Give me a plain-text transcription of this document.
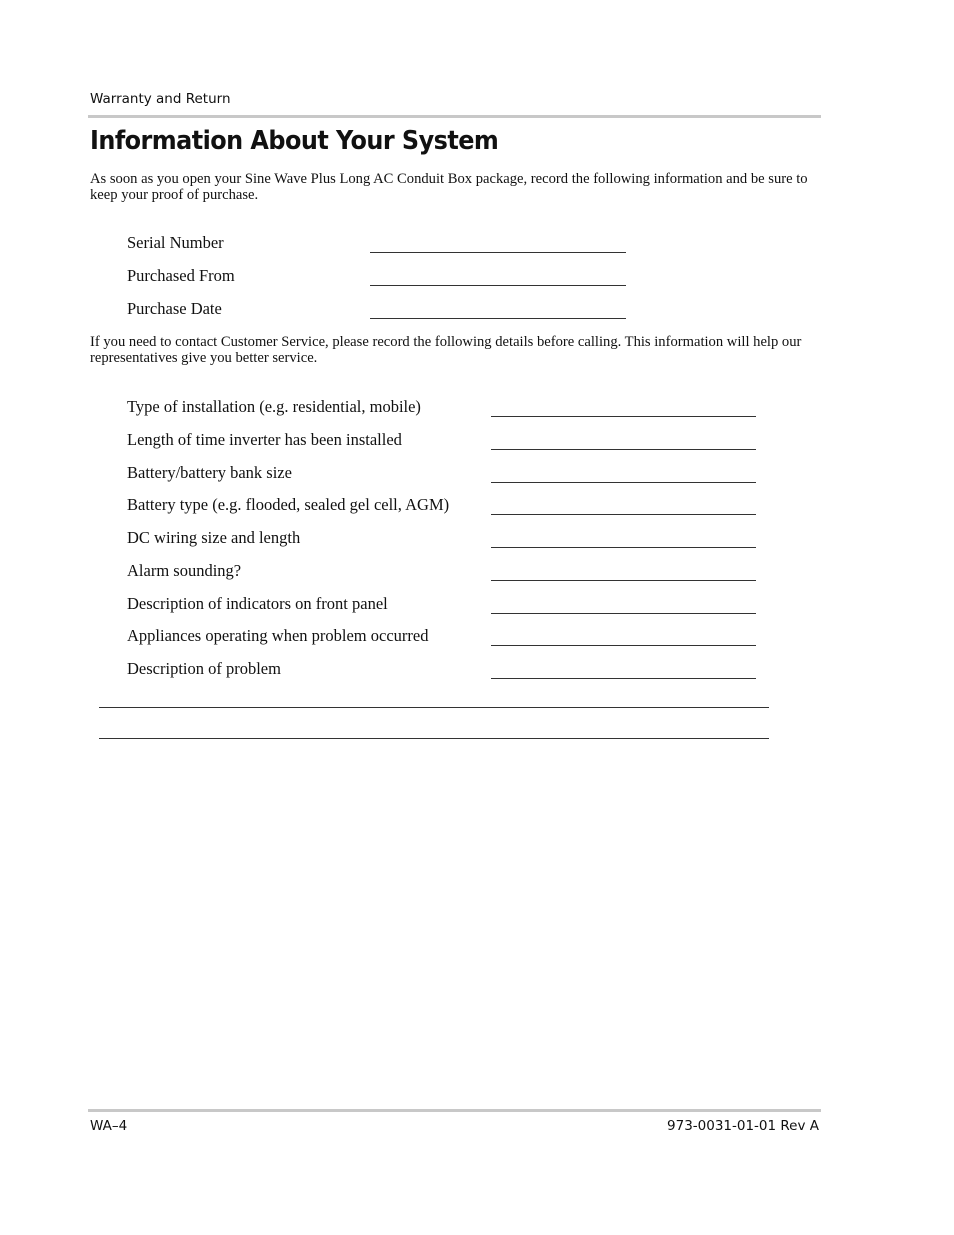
Warranty and Return
Information About Your System

As soon as you open your Sine Wave Plus Long AC Conduit Box package, record the following information and be sure to keep your proof of purchase.

Serial Number
Purchased From
Purchase Date

If you need to contact Customer Service, please record the following details before calling. This information will help our representatives give you better service.

Type of installation (e.g. residential, mobile)
Length of time inverter has been installed
Battery/battery bank size
Battery type (e.g. flooded, sealed gel cell, AGM)
DC wiring size and length
Alarm sounding?
Description of indicators on front panel
Appliances operating when problem occurred
Description of problem
WA–4	973-0031-01-01 Rev A
